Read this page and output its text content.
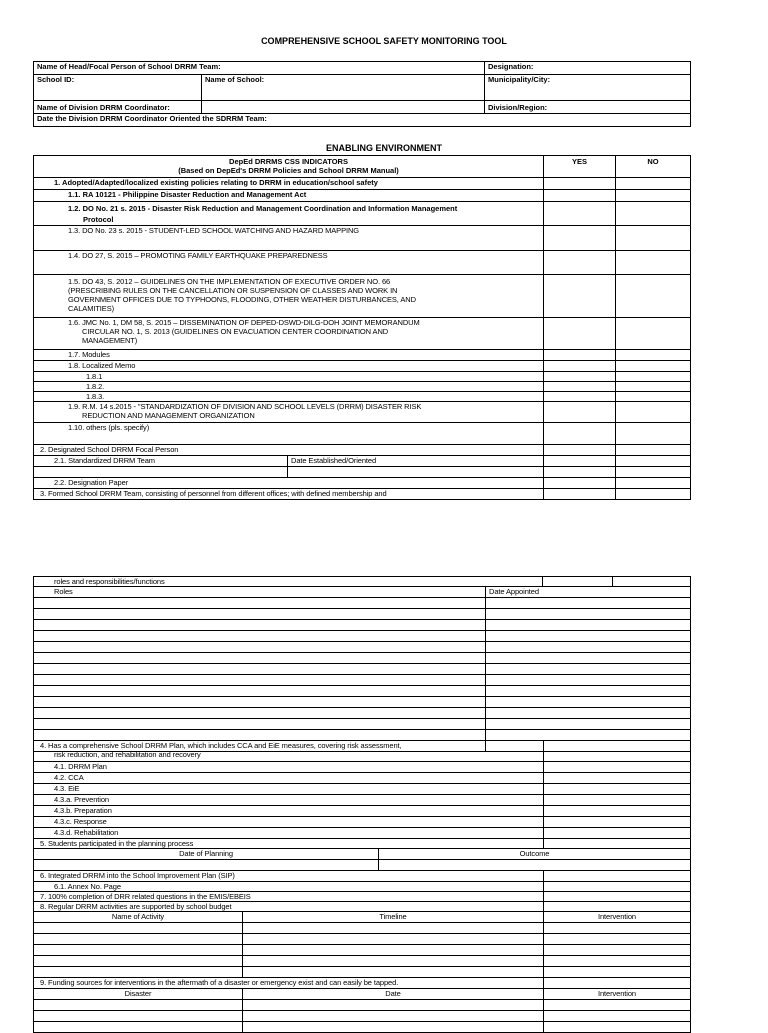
COMPREHENSIVE SCHOOL SAFETY MONITORING TOOL
Name of Head/Focal Person of School DRRM Team:		Designation:
School ID:	Name of School:	Municipality/City:
Name of Division DRRM Coordinator:		Division/Region:
Date the Division DRRM Coordinator Oriented the SDRRM Team:		
ENABLING ENVIRONMENT
DepEd DRRMS CSS INDICATORS
(Based on DepEd's DRRM Policies and School DRRM Manual)		YES	NO
1. Adopted/Adapted/localized existing policies relating to DRRM in education/school safety			
1.1. RA 10121 - Philippine Disaster Reduction and Management Act			

1.2. DO No. 21 s. 2015 - Disaster Risk Reduction and Management Coordination and Information Management
Protocol			

1.3. DO No. 23 s. 2015 - STUDENT-LED SCHOOL WATCHING AND HAZARD MAPPING			
1.4. DO 27, S. 2015 – PROMOTING FAMILY EARTHQUAKE PREPAREDNESS			

1.5. DO 43, S. 2012 – GUIDELINES ON THE IMPLEMENTATION OF EXECUTIVE ORDER NO. 66
(PRESCRIBING RULES ON THE CANCELLATION OR SUSPENSION OF CLASSES AND WORK IN
GOVERNMENT OFFICES DUE TO TYPHOONS, FLOODING, OTHER WEATHER DISTURBANCES, AND
CALAMITIES)			

1.6. JMC No. 1, DM 58, S. 2015 – DISSEMINATION OF DEPED-DSWD-DILG-DOH JOINT MEMORANDUM
CIRCULAR NO. 1, S. 2013 (GUIDELINES ON EVACUATION CENTER COORDINATION AND
MANAGEMENT)			

1.7. Modules			
1.8. Localized Memo			
1.8.1			
1.8.2.			
1.8.3.			

1.9. R.M. 14 s.2015 - "STANDARDIZATION OF DIVISION AND SCHOOL LEVELS (DRRM) DISASTER RISK
REDUCTION AND MANAGEMENT ORGANIZATION			

1.10. others (pls. specify)			
2. Designated School DRRM Focal Person			
2.1. Standardized DRRM Team	Date Established/Oriented		

2.2. Designation Paper			
3. Formed School DRRM Team, consisting of personnel from different offices; with defined membership and			
roles and responsibilities/functions			
Roles	Date Appointed		

4. Has a comprehensive School DRRM Plan, which includes CCA and EiE measures, covering risk assessment,
risk reduction, and rehabilitation and recovery			

4.1. DRRM Plan			
4.2. CCA			
4.3. EiE			
4.3.a. Prevention			
4.3.b. Preparation			
4.3.c. Response			
4.3.d. Rehabilitation			
5. Students participated in the planning process			
Date of Planning		Outcome	

6. Integrated DRRM into the School Improvement Plan (SIP)			
6.1. Annex No. Page			
7. 100% completion of DRR related questions in the EMIS/EBEIS			
8. Regular DRRM activities are supported by school budget			
Name of Activity	Timeline		Intervention

9. Funding sources for interventions in the aftermath of a disaster or emergency exist and can easily be tapped.			
Disaster	Date		Intervention
